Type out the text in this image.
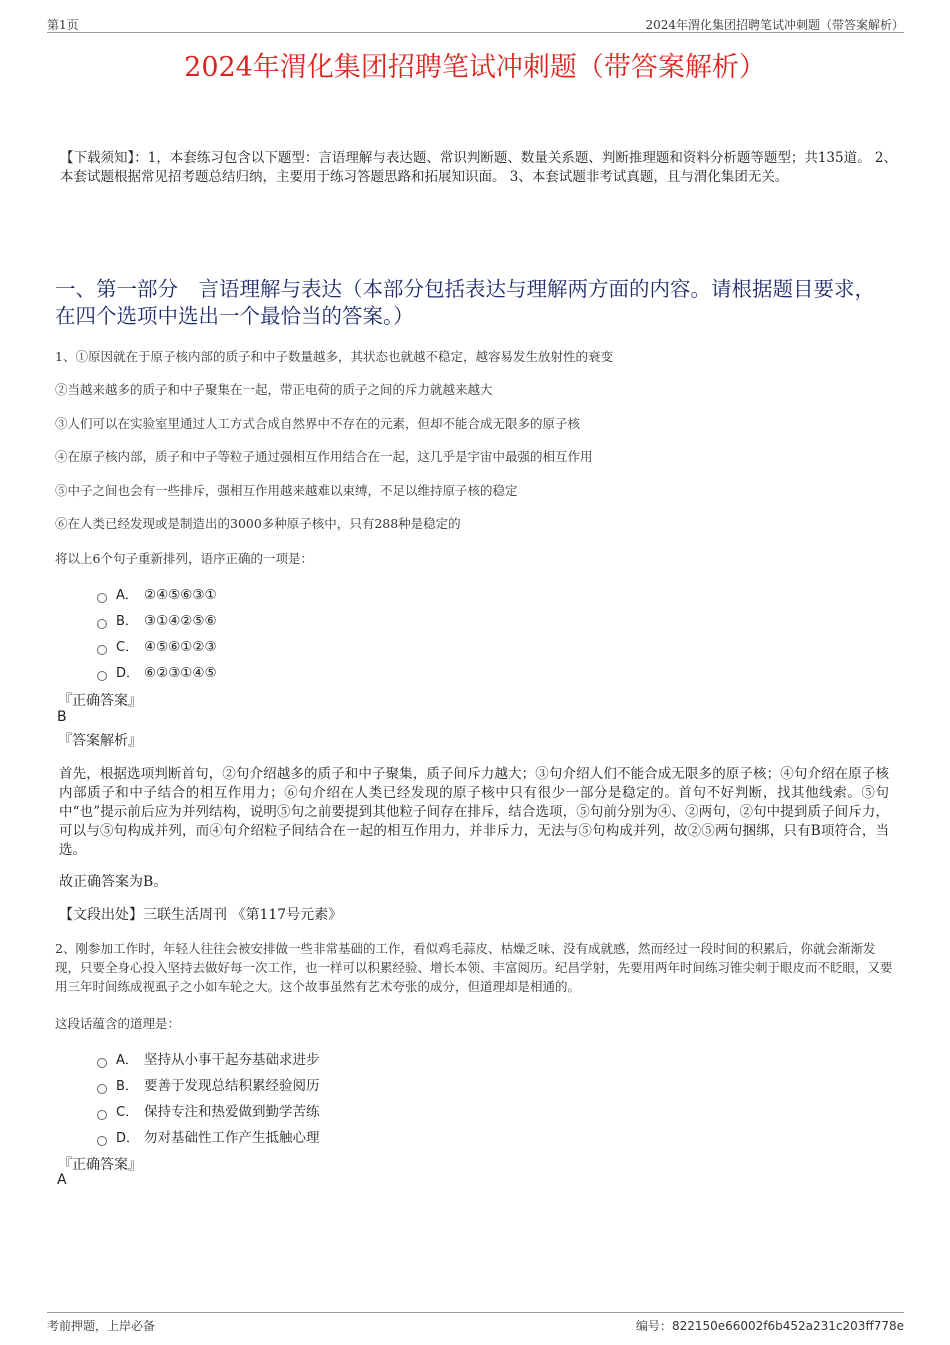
第1页	2024年渭化集团招聘笔试冲刺题（带答案解析）
2024年渭化集团招聘笔试冲刺题（带答案解析）
【下载须知】：1，本套练习包含以下题型：言语理解与表达题、常识判断题、数量关系题、判断推理题和资料分析题等题型；共135道。 2、本套试题根据常见招考题总结归纳，主要用于练习答题思路和拓展知识面。 3、本套试题非考试真题，且与渭化集团无关。
一、第一部分　言语理解与表达（本部分包括表达与理解两方面的内容。请根据题目要求，在四个选项中选出一个最恰当的答案。）
1、①原因就在于原子核内部的质子和中子数量越多，其状态也就越不稳定，越容易发生放射性的衰变
②当越来越多的质子和中子聚集在一起，带正电荷的质子之间的斥力就越来越大
③人们可以在实验室里通过人工方式合成自然界中不存在的元素，但却不能合成无限多的原子核
④在原子核内部，质子和中子等粒子通过强相互作用结合在一起，这几乎是宇宙中最强的相互作用
⑤中子之间也会有一些排斥，强相互作用越来越难以束缚，不足以维持原子核的稳定
⑥在人类已经发现或是制造出的3000多种原子核中，只有288种是稳定的
将以上6个句子重新排列，语序正确的一项是：
A． ②④⑤⑥③①
B． ③①④②⑤⑥
C． ④⑤⑥①②③
D． ⑥②③①④⑤
『正确答案』
B
『答案解析』
首先，根据选项判断首句，②句介绍越多的质子和中子聚集，质子间斥力越大；③句介绍人们不能合成无限多的原子核；④句介绍在原子核内部质子和中子结合的相互作用力；⑥句介绍在人类已经发现的原子核中只有很少一部分是稳定的。首句不好判断，找其他线索。⑤句中“也”提示前后应为并列结构，说明⑤句之前要提到其他粒子间存在排斥，结合选项，⑤句前分别为④、②两句，②句中提到质子间斥力，可以与⑤句构成并列，而④句介绍粒子间结合在一起的相互作用力，并非斥力，无法与⑤句构成并列，故②⑤两句捆绑，只有B项符合，当选。
故正确答案为B。
【文段出处】三联生活周刊 《第117号元素》
2、刚参加工作时，年轻人往往会被安排做一些非常基础的工作，看似鸡毛蒜皮、枯燥乏味、没有成就感，然而经过一段时间的积累后，你就会渐渐发现，只要全身心投入坚持去做好每一次工作，也一样可以积累经验、增长本领、丰富阅历。纪昌学射，先要用两年时间练习锥尖刺于眼皮而不眨眼，又要用三年时间练成视虱子之小如车轮之大。这个故事虽然有艺术夸张的成分，但道理却是相通的。
这段话蕴含的道理是：
A． 坚持从小事干起夯基础求进步
B． 要善于发现总结积累经验阅历
C． 保持专注和热爱做到勤学苦练
D． 勿对基础性工作产生抵触心理
『正确答案』
A
考前押题，上岸必备	编号：822150e66002f6b452a231c203ff778e
